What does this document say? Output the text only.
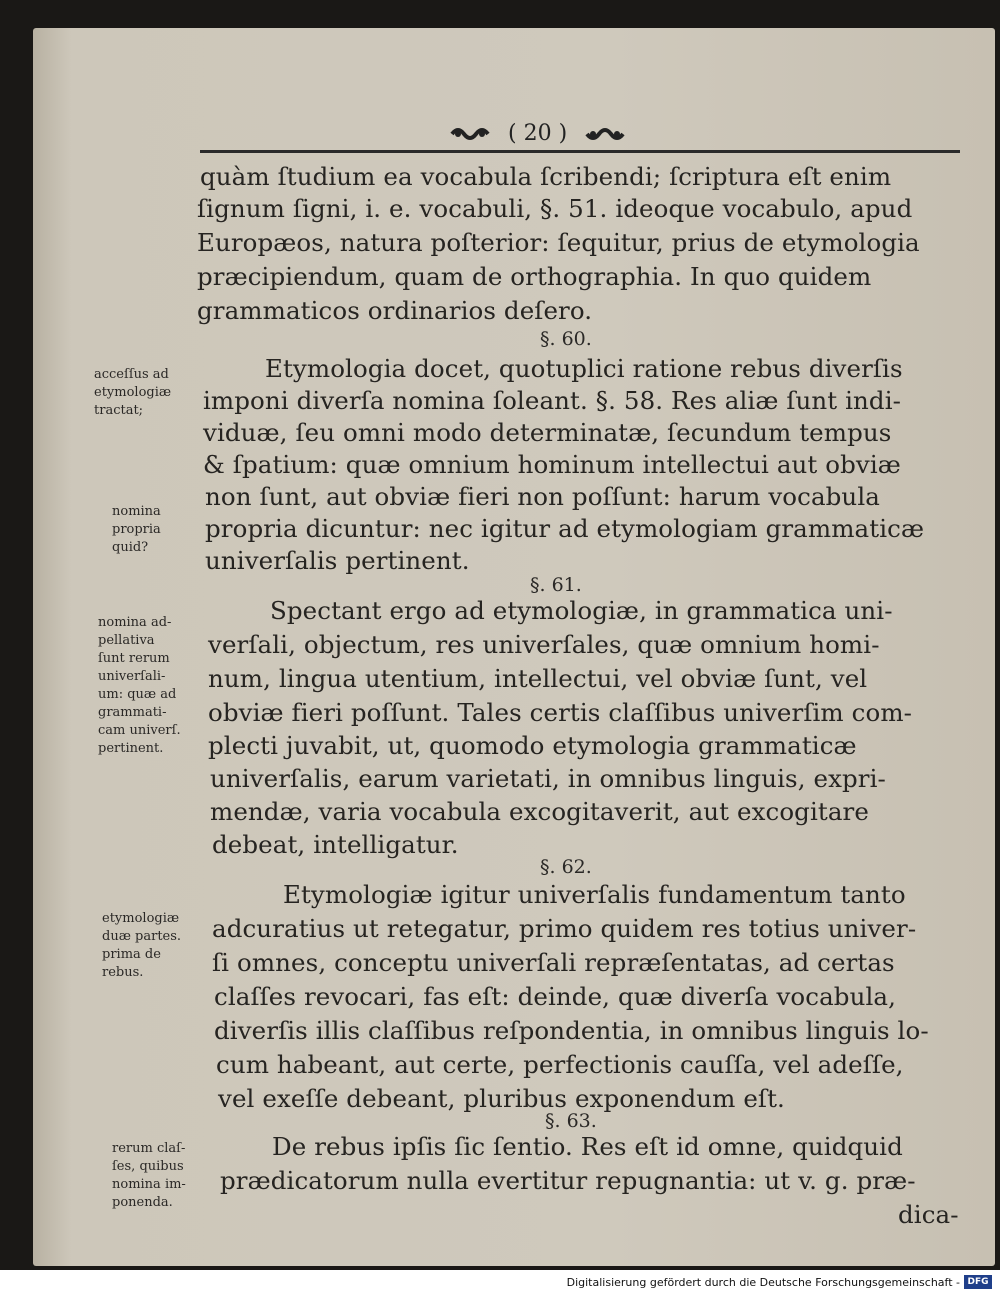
( 20 )
quàm ſtudium ea vocabula ſcribendi; ſcriptura eſt enim
ſignum ſigni, i. e. vocabuli, §. 51. ideoque vocabulo, apud
Europæos, natura poſterior: ſequitur, prius de etymologia
præcipiendum, quam de orthographia. In quo quidem
grammaticos ordinarios deſero.
§. 60.
Etymologia docet, quotuplici ratione rebus diverſis
imponi diverſa nomina ſoleant. §. 58. Res aliæ ſunt indi-
viduæ, ſeu omni modo determinatæ, ſecundum tempus
& ſpatium: quæ omnium hominum intellectui aut obviæ
non ſunt, aut obviæ fieri non poſſunt: harum vocabula
propria dicuntur: nec igitur ad etymologiam grammaticæ
univerſalis pertinent.
§. 61.
Spectant ergo ad etymologiæ, in grammatica uni-
verſali, objectum, res univerſales, quæ omnium homi-
num, lingua utentium, intellectui, vel obviæ ſunt, vel
obviæ fieri poſſunt. Tales certis claſſibus univerſim com-
plecti juvabit, ut, quomodo etymologia grammaticæ
univerſalis, earum varietati, in omnibus linguis, expri-
mendæ, varia vocabula excogitaverit, aut excogitare
debeat, intelligatur.
§. 62.
Etymologiæ igitur univerſalis fundamentum tanto
adcuratius ut retegatur, primo quidem res totius univer-
ſi omnes, conceptu univerſali repræſentatas, ad certas
claſſes revocari, fas eſt: deinde, quæ diverſa vocabula,
diverſis illis claſſibus reſpondentia, in omnibus linguis lo-
cum habeant, aut certe, perfectionis cauſſa, vel adeſſe,
vel exeſſe debeant, pluribus exponendum eſt.
§. 63.
De rebus ipſis ſic ſentio. Res eſt id omne, quidquid
prædicatorum nulla evertitur repugnantia: ut v. g. præ-
dica-
acceſſus ad
etymologiæ
tractat;
nomina
propria
quid?
nomina ad-
pellativa
ſunt rerum
univerſali-
um: quæ ad
grammati-
cam univerſ.
pertinent.
etymologiæ
duæ partes.
prima de
rebus.
rerum claſ-
ſes, quibus
nomina im-
ponenda.
Digitalisierung gefördert durch die Deutsche Forschungsgemeinschaft - DFG
